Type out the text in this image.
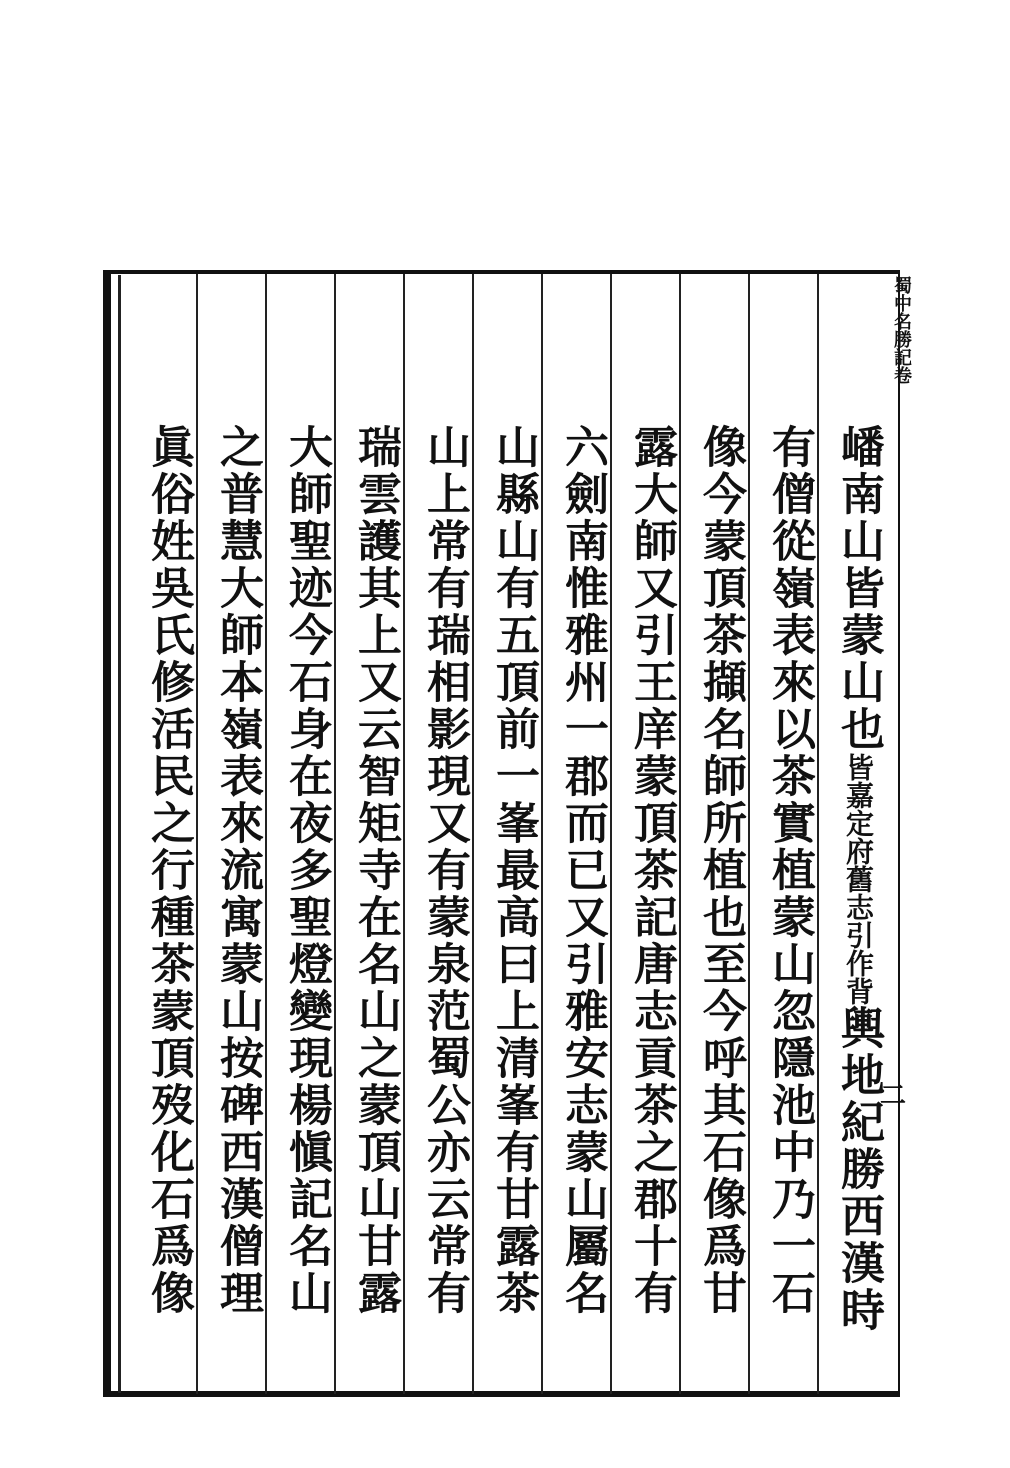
蜀中名勝記卷
二
嶓南山皆蒙山也皆嘉定府舊志引作背輿地紀勝西漢時
有僧從嶺表來以茶實植蒙山忽隱池中乃一石
像今蒙頂茶擷名師所植也至今呼其石像爲甘
露大師又引王庠蒙頂茶記唐志貢茶之郡十有
六劍南惟雅州一郡而已又引雅安志蒙山屬名
山縣山有五頂前一峯最高曰上清峯有甘露茶
山上常有瑞相影現又有蒙泉范蜀公亦云常有
瑞雲護其上又云智矩寺在名山之蒙頂山甘露
大師聖迹今石身在夜多聖燈變現楊愼記名山
之普慧大師本嶺表來流寓蒙山按碑西漢僧理
眞俗姓吳氏修活民之行種茶蒙頂歿化石爲像
